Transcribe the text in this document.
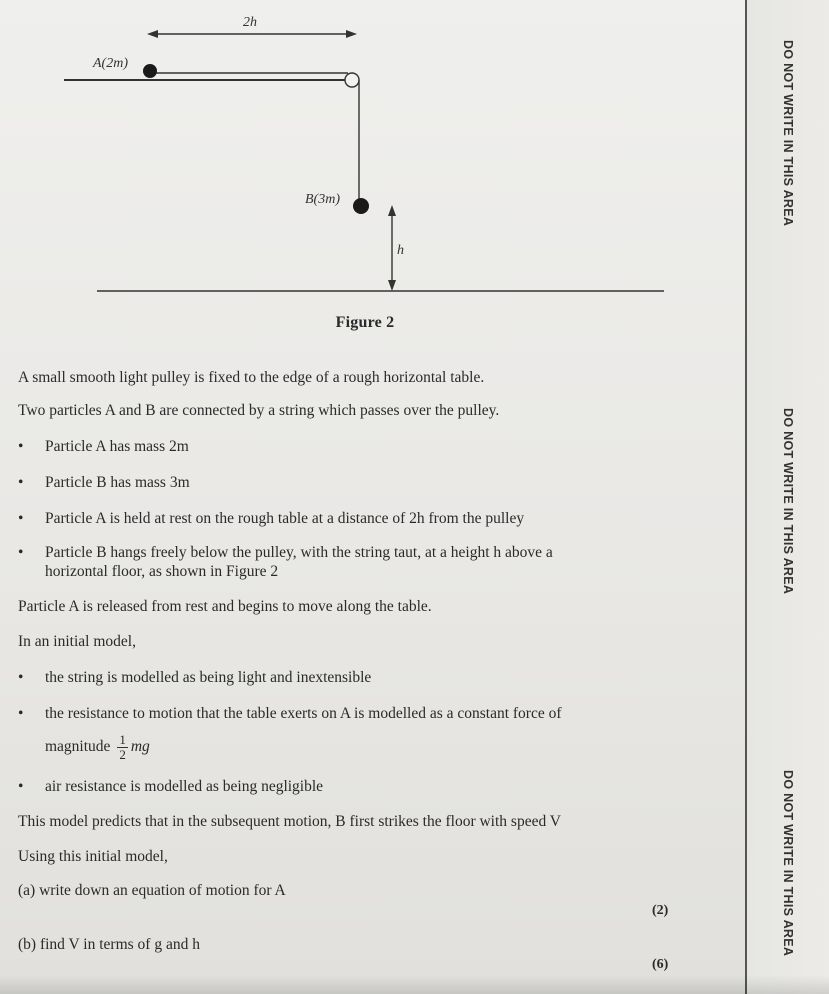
2h
A(2m)
B(3m)
h
Figure 2
A small smooth light pulley is fixed to the edge of a rough horizontal table.
Two particles A and B are connected by a string which passes over the pulley.
• Particle A has mass 2m
• Particle B has mass 3m
• Particle A is held at rest on the rough table at a distance of 2h from the pulley
• Particle B hangs freely below the pulley, with the string taut, at a height h above a
horizontal floor, as shown in Figure 2
Particle A is released from rest and begins to move along the table.
In an initial model,
• the string is modelled as being light and inextensible
• the resistance to motion that the table exerts on A is modelled as a constant force of
magnitude $\frac{1}{2}$ mg
• air resistance is modelled as being negligible
This model predicts that in the subsequent motion, B first strikes the floor with speed V
Using this initial model,
(a) write down an equation of motion for A
(2)
(b) find V in terms of g and h
(6)
DO NOT WRITE IN THIS AREA
DO NOT WRITE IN THIS AREA
DO NOT WRITE IN THIS AREA
